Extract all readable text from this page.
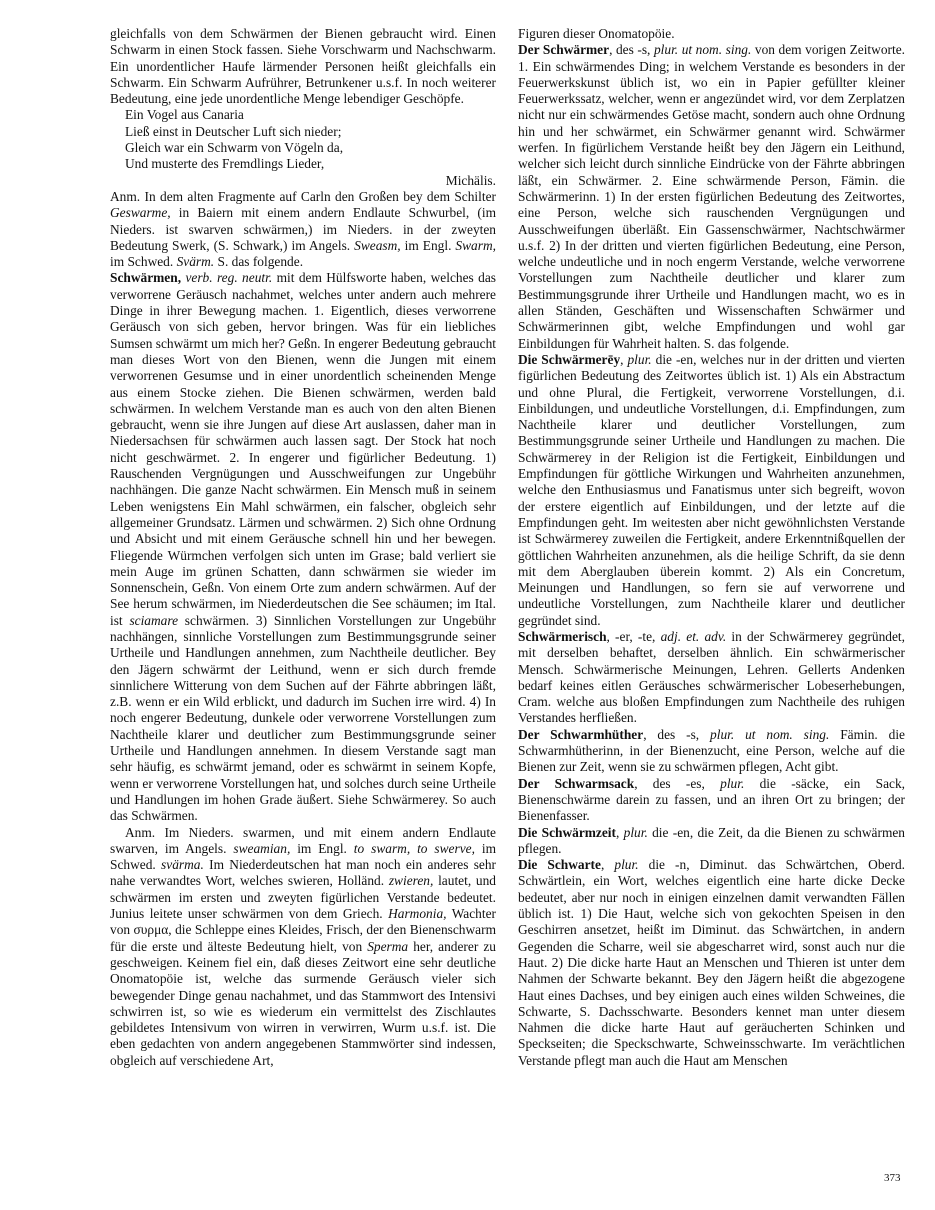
gleichfalls von dem Schwärmen der Bienen gebraucht wird. Einen Schwarm in einen Stock fassen. Siehe Vorschwarm und Nachschwarm. Ein unordentlicher Haufe lärmender Personen heißt gleichfalls ein Schwarm. Ein Schwarm Aufrührer, Betrunkener u.s.f. In noch weiterer Bedeutung, eine jede unordentliche Menge lebendiger Geschöpfe.

Ein Vogel aus Canaria
Ließ einst in Deutscher Luft sich nieder;
Gleich war ein Schwarm von Vögeln da,
Und musterte des Fremdlings Lieder,

Michälis.

Anm. In dem alten Fragmente auf Carln den Großen bey dem Schilter Geswarme, in Baiern mit einem andern Endlaute Schwurbel, (im Nieders. ist swarven schwärmen,) im Nieders. in der zweyten Bedeutung Swerk, (S. Schwark,) im Angels. Sweasm, im Engl. Swarm, im Schwed. Svärm. S. das folgende.

Schwärmen, verb. reg. neutr. mit dem Hülfsworte haben, welches das verworrene Geräusch nachahmet, welches unter andern auch mehrere Dinge in ihrer Bewegung machen. 1. Eigentlich, dieses verworrene Geräusch von sich geben, hervor bringen. Was für ein liebliches Sumsen schwärmt um mich her? Geßn. In engerer Bedeutung gebraucht man dieses Wort von den Bienen, wenn die Jungen mit einem verworrenen Gesumse und in einer unordentlich scheinenden Menge aus einem Stocke ziehen. Die Bienen schwärmen, werden bald schwärmen. In welchem Verstande man es auch von den alten Bienen gebraucht, wenn sie ihre Jungen auf diese Art auslassen, daher man in Niedersachsen für schwärmen auch lassen sagt. Der Stock hat noch nicht geschwärmet. 2. In engerer und figürlicher Bedeutung. 1) Rauschenden Vergnügungen und Ausschweifungen zur Ungebühr nachhängen. Die ganze Nacht schwärmen. Ein Mensch muß in seinem Leben wenigstens Ein Mahl schwärmen, ein falscher, obgleich sehr allgemeiner Grundsatz. Lärmen und schwärmen. 2) Sich ohne Ordnung und Absicht und mit einem Geräusche schnell hin und her bewegen. Fliegende Würmchen verfolgen sich unten im Grase; bald verliert sie mein Auge im grünen Schatten, dann schwärmen sie wieder im Sonnenschein, Geßn. Von einem Orte zum andern schwärmen. Auf der See herum schwärmen, im Niederdeutschen die See schäumen; im Ital. ist sciamare schwärmen. 3) Sinnlichen Vorstellungen zur Ungebühr nachhängen, sinnliche Vorstellungen zum Bestimmungsgrunde seiner Urtheile und Handlungen annehmen, zum Nachtheile deutlicher. Bey den Jägern schwärmt der Leithund, wenn er sich durch fremde sinnlichere Witterung von dem Suchen auf der Fährte abbringen läßt, z.B. wenn er ein Wild erblickt, und dadurch im Suchen irre wird. 4) In noch engerer Bedeutung, dunkele oder verworrene Vorstellungen zum Nachtheile klarer und deutlicher zum Bestimmungsgrunde seiner Urtheile und Handlungen annehmen. In diesem Verstande sagt man sehr häufig, es schwärmt jemand, oder es schwärmt in seinem Kopfe, wenn er verworrene Vorstellungen hat, und solches durch seine Urtheile und Handlungen im hohen Grade äußert. Siehe Schwärmerey. So auch das Schwärmen.

Anm. Im Nieders. swarmen, und mit einem andern Endlaute swarven, im Angels. sweamian, im Engl. to swarm, to swerve, im Schwed. svärma. Im Niederdeutschen hat man noch ein anderes sehr nahe verwandtes Wort, welches swieren, Holländ. zwieren, lautet, und schwärmen im ersten und zweyten figürlichen Verstande bedeutet. Junius leitete unser schwärmen von dem Griech. Harmonia, Wachter von συρμα, die Schleppe eines Kleides, Frisch, der den Bienenschwarm für die erste und älteste Bedeutung hielt, von Sperma her, anderer zu geschweigen. Keinem fiel ein, daß dieses Zeitwort eine sehr deutliche Onomatopöie ist, welche das surmende Geräusch vieler sich bewegender Dinge genau nachahmet, und das Stammwort des Intensivi schwirren ist, so wie es wiederum ein vermittelst des Zischlautes gebildetes Intensivum von wirren in verwirren, Wurm u.s.f. ist. Die eben gedachten von andern angegebenen Stammwörter sind indessen, obgleich auf verschiedene Art,

Figuren dieser Onomatopöie.

Der Schwärmer, des -s, plur. ut nom. sing. von dem vorigen Zeitworte. 1. Ein schwärmendes Ding; in welchem Verstande es besonders in der Feuerwerkskunst üblich ist, wo ein in Papier gefüllter kleiner Feuerwerkssatz, welcher, wenn er angezündet wird, vor dem Zerplatzen nicht nur ein schwärmendes Getöse macht, sondern auch ohne Ordnung hin und her schwärmet, ein Schwärmer genannt wird. Schwärmer werfen. In figürlichem Verstande heißt bey den Jägern ein Leithund, welcher sich leicht durch sinnliche Eindrücke von der Fährte abbringen läßt, ein Schwärmer. 2. Eine schwärmende Person, Fämin. die Schwärmerinn. 1) In der ersten figürlichen Bedeutung des Zeitwortes, eine Person, welche sich rauschenden Vergnügungen und Ausschweifungen überläßt. Ein Gassenschwärmer, Nachtschwärmer u.s.f. 2) In der dritten und vierten figürlichen Bedeutung, eine Person, welche undeutliche und in noch engerm Verstande, welche verworrene Vorstellungen zum Nachtheile deutlicher und klarer zum Bestimmungsgrunde ihrer Urtheile und Handlungen macht, wo es in allen Ständen, Geschäften und Wissenschaften Schwärmer und Schwärmerinnen gibt, welche Empfindungen und wohl gar Einbildungen für Wahrheit halten. S. das folgende.

Die Schwärmerēy, plur. die -en, welches nur in der dritten und vierten figürlichen Bedeutung des Zeitwortes üblich ist. 1) Als ein Abstractum und ohne Plural, die Fertigkeit, verworrene Vorstellungen, d.i. Einbildungen, und undeutliche Vorstellungen, d.i. Empfindungen, zum Nachtheile klarer und deutlicher Vorstellungen, zum Bestimmungsgrunde seiner Urtheile und Handlungen zu machen. Die Schwärmerey in der Religion ist die Fertigkeit, Einbildungen und Empfindungen für göttliche Wirkungen und Wahrheiten anzunehmen, welche den Enthusiasmus und Fanatismus unter sich begreift, wovon der erstere eigentlich auf Einbildungen, und der letzte auf die Empfindungen geht. Im weitesten aber nicht gewöhnlichsten Verstande ist Schwärmerey zuweilen die Fertigkeit, andere Erkenntnißquellen der göttlichen Wahrheiten anzunehmen, als die heilige Schrift, da sie denn mit dem Aberglauben überein kommt. 2) Als ein Concretum, Meinungen und Handlungen, so fern sie auf verworrene und undeutliche Vorstellungen, zum Nachtheile klarer und deutlicher gegründet sind.

Schwärmerisch, -er, -te, adj. et. adv. in der Schwärmerey gegründet, mit derselben behaftet, derselben ähnlich. Ein schwärmerischer Mensch. Schwärmerische Meinungen, Lehren. Gellerts Andenken bedarf keines eitlen Geräusches schwärmerischer Lobeserhebungen, Cram. welche aus bloßen Empfindungen zum Nachtheile des ruhigen Verstandes herfließen.

Der Schwarmhüther, des -s, plur. ut nom. sing. Fämin. die Schwarmhütherinn, in der Bienenzucht, eine Person, welche auf die Bienen zur Zeit, wenn sie zu schwärmen pflegen, Acht gibt.

Der Schwarmsack, des -es, plur. die -säcke, ein Sack, Bienenschwärme darein zu fassen, und an ihren Ort zu bringen; der Bienenfasser.

Die Schwärmzeit, plur. die -en, die Zeit, da die Bienen zu schwärmen pflegen.

Die Schwarte, plur. die -n, Diminut. das Schwärtchen, Oberd. Schwärtlein, ein Wort, welches eigentlich eine harte dicke Decke bedeutet, aber nur noch in einigen einzelnen damit verwandten Fällen üblich ist. 1) Die Haut, welche sich von gekochten Speisen in den Geschirren ansetzet, heißt im Diminut. das Schwärtchen, in andern Gegenden die Scharre, weil sie abgescharret wird, sonst auch nur die Haut. 2) Die dicke harte Haut an Menschen und Thieren ist unter dem Nahmen der Schwarte bekannt. Bey den Jägern heißt die abgezogene Haut eines Dachses, und bey einigen auch eines wilden Schweines, die Schwarte, S. Dachsschwarte. Besonders kennet man unter diesem Nahmen die dicke harte Haut auf geräucherten Schinken und Speckseiten; die Speckschwarte, Schweinsschwarte. Im verächtlichen Verstande pflegt man auch die Haut am Menschen

373
